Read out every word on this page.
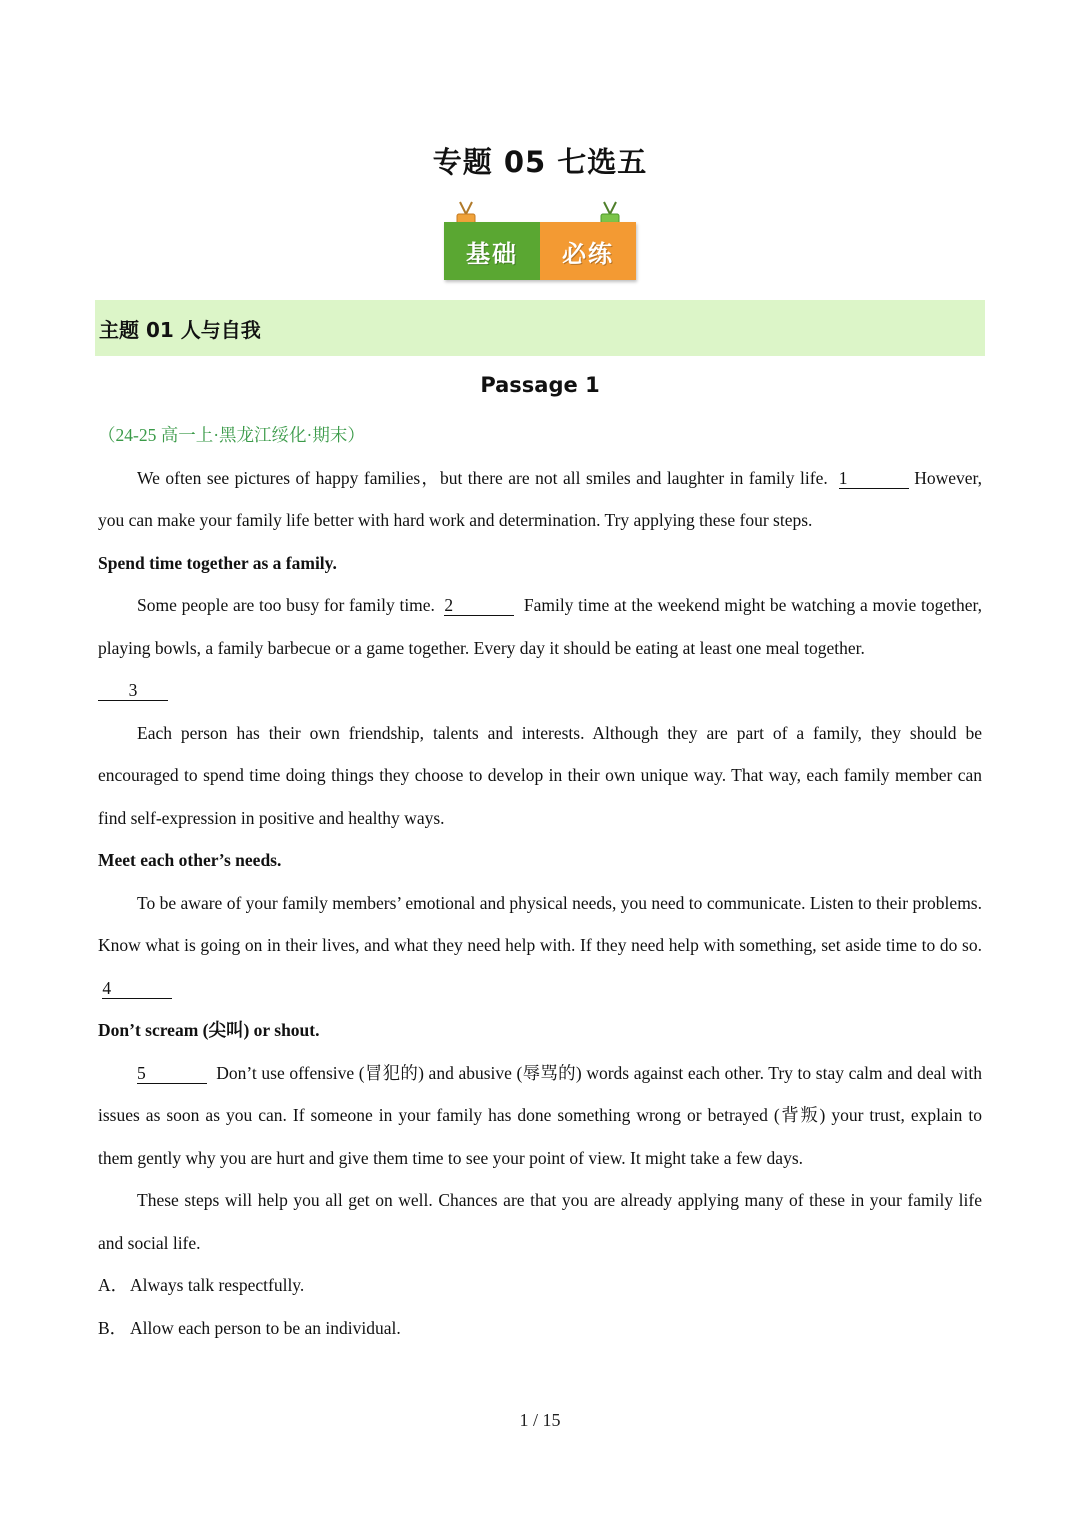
专题 05 七选五
基础	必练
主题 01 人与自我
Passage 1

（24-25 高一上·黑龙江绥化·期末）

We often see pictures of happy families，but there are not all smiles and laughter in family life. 1	However, you can make your family life better with hard work and determination. Try applying these four steps.

Spend time together as a family.

Some people are too busy for family time. 2	Family time at the weekend might be watching a movie together, playing bowls, a family barbecue or a game together. Every day it should be eating at least one meal together.

3

Each person has their own friendship, talents and interests. Although they are part of a family, they should be encouraged to spend time doing things they choose to develop in their own unique way. That way, each family member can find self-expression in positive and healthy ways.

Meet each other’s needs.

To be aware of your family members’ emotional and physical needs, you need to communicate. Listen to their problems. Know what is going on in their lives, and what they need help with. If they need help with something, set aside time to do so.  4

Don’t scream (尖叫) or shout.

5	Don’t use offensive (冒犯的) and abusive (辱骂的) words against each other. Try to stay calm and deal with issues as soon as you can. If someone in your family has done something wrong or betrayed (背叛) your trust, explain to them gently why you are hurt and give them time to see your point of view. It might take a few days.

These steps will help you all get on well. Chances are that you are already applying many of these in your family life and social life.

A． Always talk respectfully.

B． Allow each person to be an individual.

1 / 15
